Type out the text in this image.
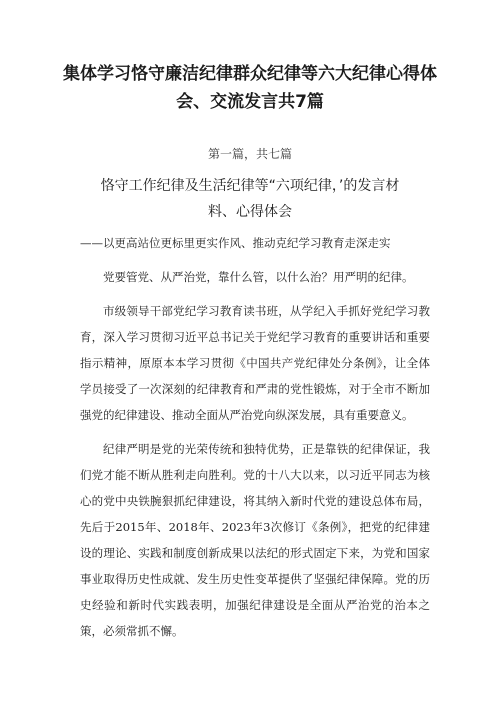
集体学习恪守廉洁纪律群众纪律等六大纪律心得体会、交流发言共7篇
第一篇，共七篇
恪守工作纪律及生活纪律等“六项纪律，’的发言材料、心得体会

——以更高站位更标里更实作风、推动克纪学习教育走深走实

党要管党、从严治党，靠什么管，以什么治？用严明的纪律。

市级领导干部党纪学习教育读书班，从学纪入手抓好党纪学习教育，深入学习贯彻习近平总书记关于党纪学习教育的重要讲话和重要指示精神，原原本本学习贯彻《中国共产党纪律处分条例》，让全体学员接受了一次深刻的纪律教育和严肃的党性锻炼，对于全市不断加强党的纪律建设、推动全面从严治党向纵深发展，具有重要意义。

纪律严明是党的光荣传统和独特优势，正是靠铁的纪律保证，我们党才能不断从胜利走向胜利。党的十八大以来，以习近平同志为核心的党中央铁腕狠抓纪律建设，将其纳入新时代党的建设总体布局，先后于2015年、2018年、2023年3次修订《条例》，把党的纪律建设的理论、实践和制度创新成果以法纪的形式固定下来，为党和国家事业取得历史性成就、发生历史性变革提供了坚强纪律保障。党的历史经验和新时代实践表明，加强纪律建设是全面从严治党的治本之策，必须常抓不懈。
